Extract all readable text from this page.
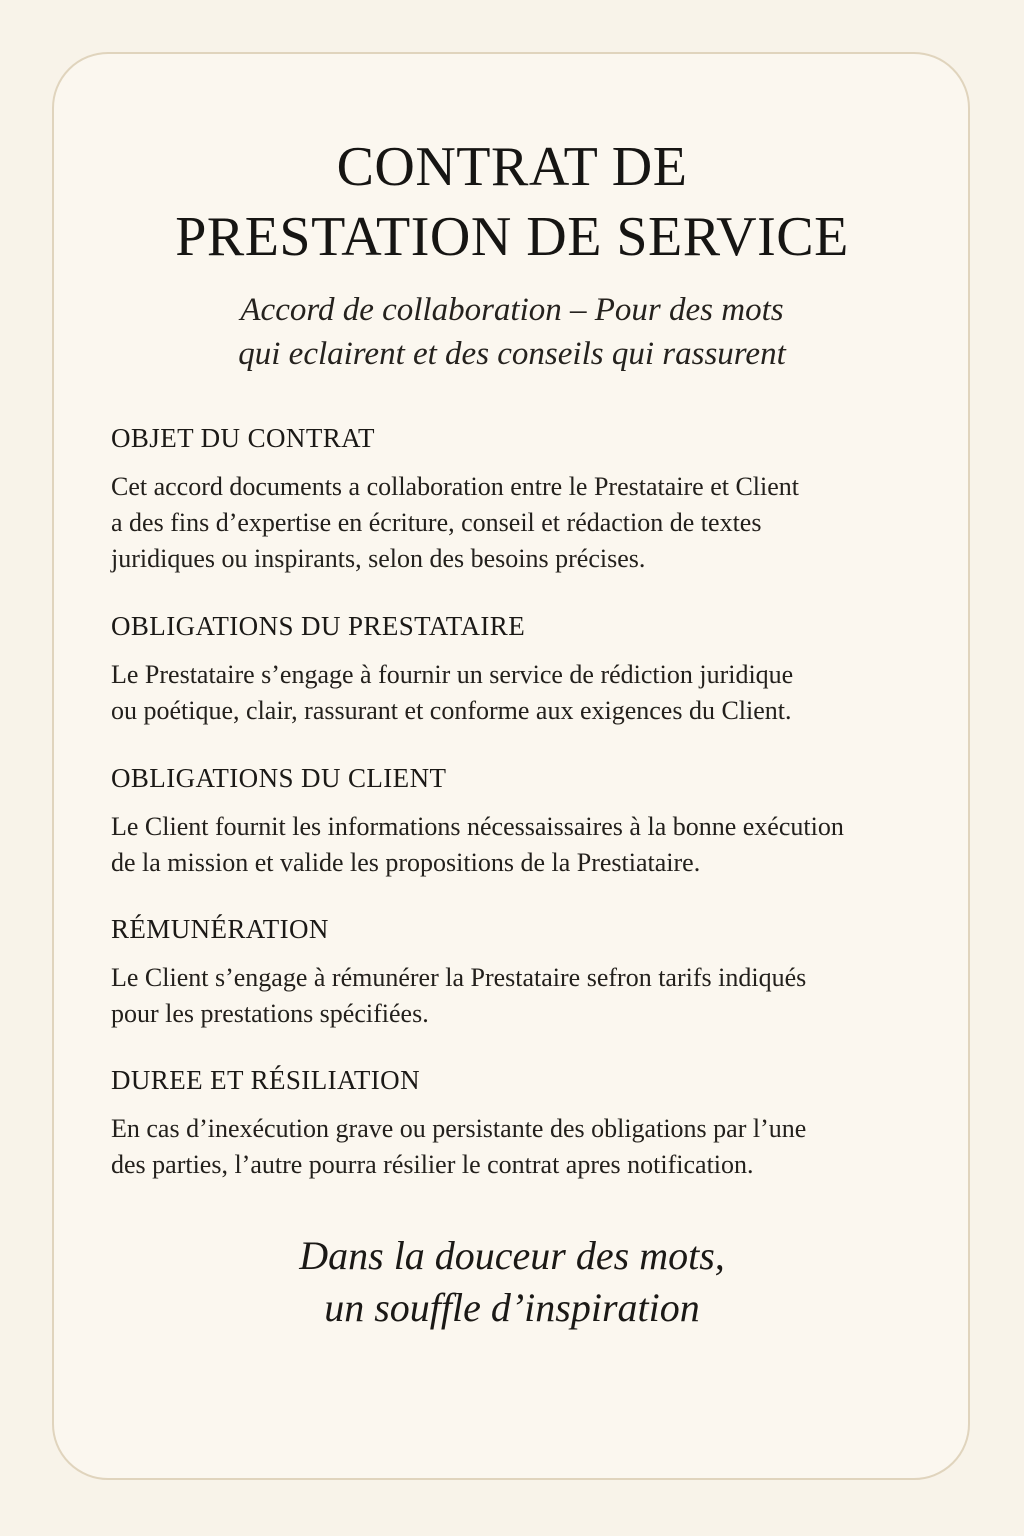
CONTRAT DE
PRESTATION DE SERVICE

Accord de collaboration – Pour des mots
qui eclairent et des conseils qui rassurent

OBJET DU CONTRAT

Cet accord documents a collaboration entre le Prestataire et Client
a des fins d’expertise en écriture, conseil et rédaction de textes
juridiques ou inspirants, selon des besoins précises.

OBLIGATIONS DU PRESTATAIRE

Le Prestataire s’engage à fournir un service de rédiction juridique
ou poétique, clair, rassurant et conforme aux exigences du Client.

OBLIGATIONS DU CLIENT

Le Client fournit les informations nécessaissaires à la bonne exécution
de la mission et valide les propositions de la Prestiataire.

RÉMUNÉRATION

Le Client s’engage à rémunérer la Prestataire sefron tarifs indiqués
pour les prestations spécifiées.

DUREE ET RÉSILIATION

En cas d’inexécution grave ou persistante des obligations par l’une
des parties, l’autre pourra résilier le contrat apres notification.

Dans la douceur des mots,
un souffle d’inspiration
